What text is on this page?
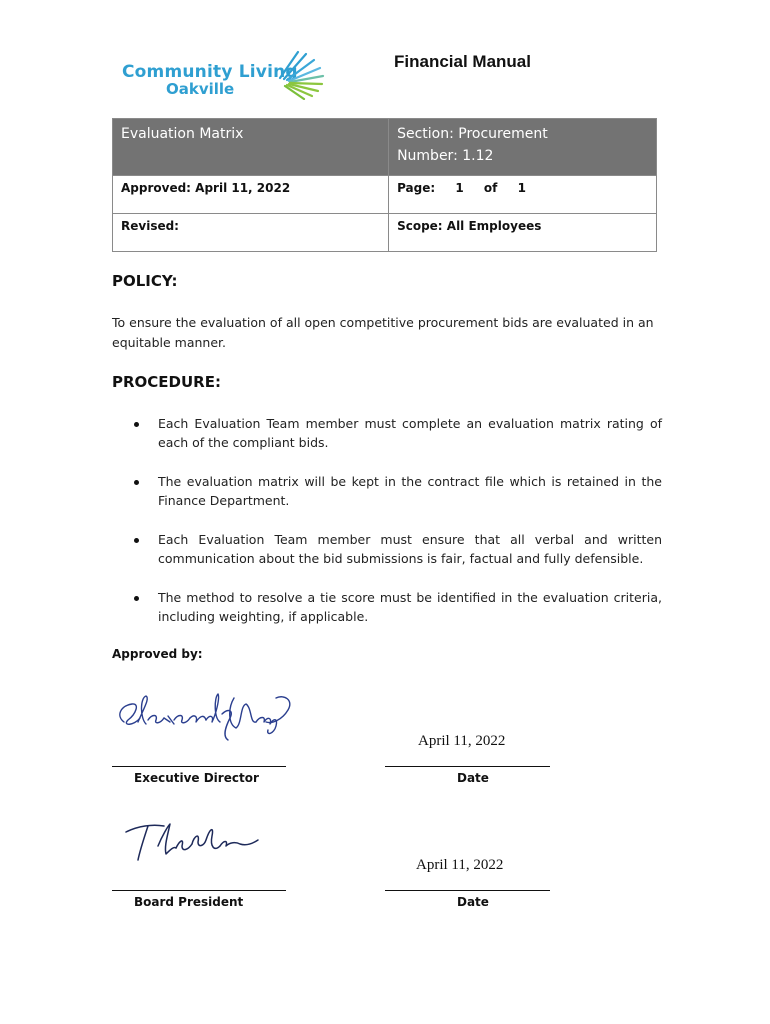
Community Living
Oakville
Financial Manual
Evaluation Matrix	Section: Procurement
Number: 1.12

Approved: April 11, 2022	Page: 1 of 1

Revised:	Scope: All Employees
POLICY:
To ensure the evaluation of all open competitive procurement bids are evaluated in an equitable manner.
PROCEDURE:
Each Evaluation Team member must complete an evaluation matrix rating of each of the compliant bids.
The evaluation matrix will be kept in the contract file which is retained in the Finance Department.
Each Evaluation Team member must ensure that all verbal and written communication about the bid submissions is fair, factual and fully defensible.
The method to resolve a tie score must be identified in the evaluation criteria, including weighting, if applicable.
Approved by:
April 11, 2022
Executive Director	Date
April 11, 2022
Board President	Date
